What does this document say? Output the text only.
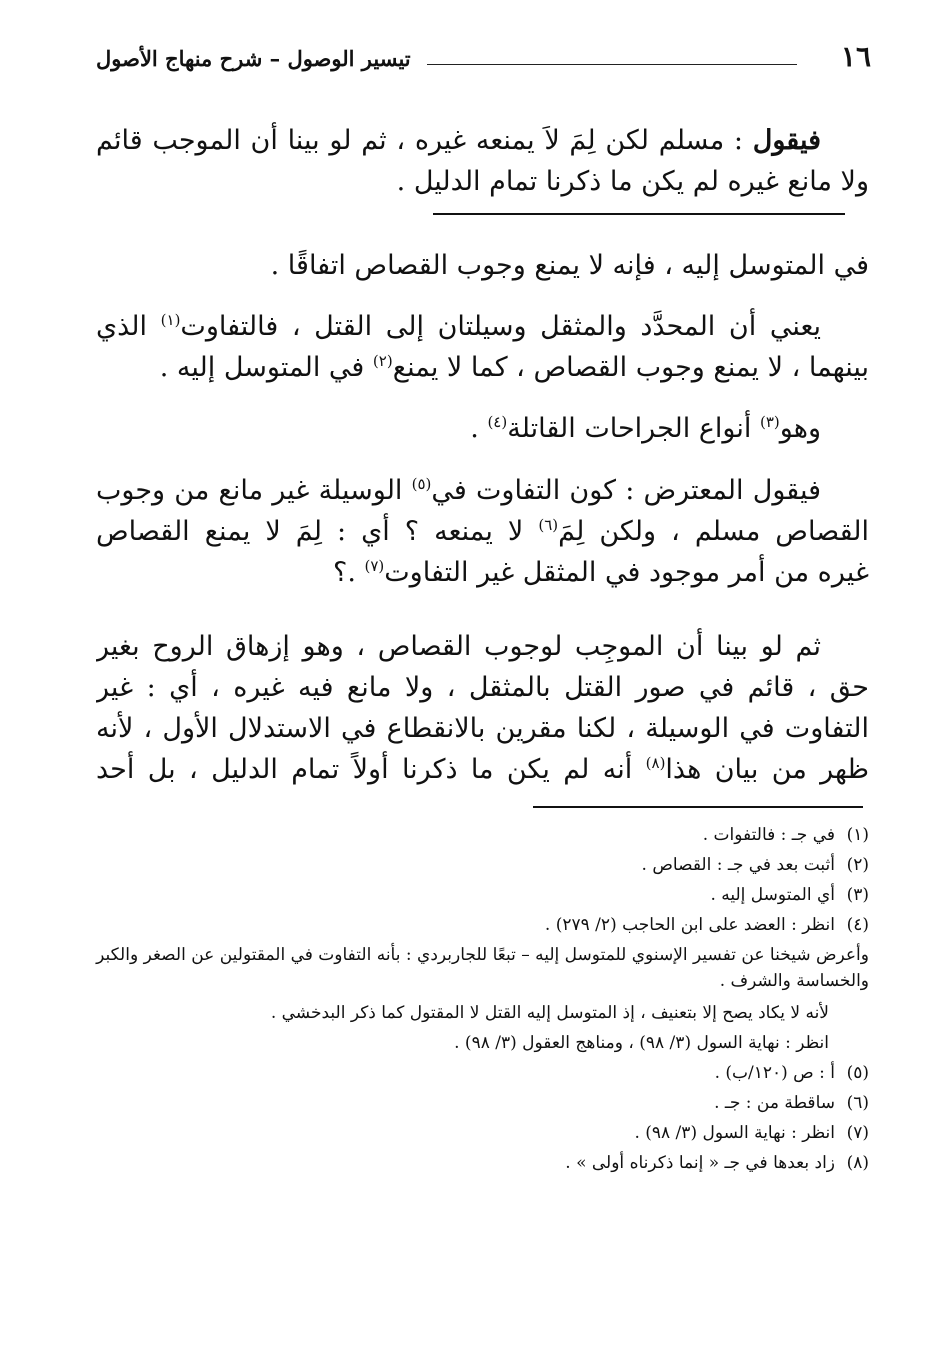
١٦
تيسير الوصول – شرح منهاج الأصول
فيقول : مسلم لكن لِمَ لاَ يمنعه غيره ، ثم لو بينا أن الموجب قائم
ولا مانع غيره لم يكن ما ذكرنا تمام الدليل .
في المتوسل إليه ، فإنه لا يمنع وجوب القصاص اتفاقًا .
يعني أن المحدَّد والمثقل وسيلتان إلى القتل ، فالتفاوت$^{(١)}$ الذي
بينهما ، لا يمنع وجوب القصاص ، كما لا يمنع$^{(٢)}$ في المتوسل إليه .
وهو$^{(٣)}$ أنواع الجراحات القاتلة$^{(٤)}$ .
فيقول المعترض : كون التفاوت في$^{(٥)}$ الوسيلة غير مانع من وجوب
القصاص مسلم ، ولكن لِمَ$^{(٦)}$ لا يمنعه ؟ أي : لِمَ لا يمنع القصاص
غيره من أمر موجود في المثقل غير التفاوت$^{(٧)}$ .؟
ثم لو بينا أن الموجِب لوجوب القصاص ، وهو إزهاق الروح بغير
حق ، قائم في صور القتل بالمثقل ، ولا مانع فيه غيره ، أي : غير
التفاوت في الوسيلة ، لكنا مقرين بالانقطاع في الاستدلال الأول ، لأنه
ظهر من بيان هذا$^{(٨)}$ أنه لم يكن ما ذكرنا أولاً تمام الدليل ، بل أحد
(١)في جـ : فالتفوات .
(٢)أثبت بعد في جـ : القصاص .
(٣)أي المتوسل إليه .
(٤)انظر : العضد على ابن الحاجب (٢/ ٢٧٩) .
وأعرض شيخنا عن تفسير الإسنوي للمتوسل إليه – تبعًا للجاربردي : بأنه التفاوت في المقتولين عن الصغر والكبر والخساسة والشرف .
لأنه لا يكاد يصح إلا بتعنيف ، إذ المتوسل إليه القتل لا المقتول كما ذكر البدخشي .
انظر : نهاية السول (٣/ ٩٨) ، ومناهج العقول (٣/ ٩٨) .
(٥)أ : ص (١٢٠/ب) .
(٦)ساقطة من : جـ .
(٧)انظر : نهاية السول (٣/ ٩٨) .
(٨)زاد بعدها في جـ « إنما ذكرناه أولى » .
